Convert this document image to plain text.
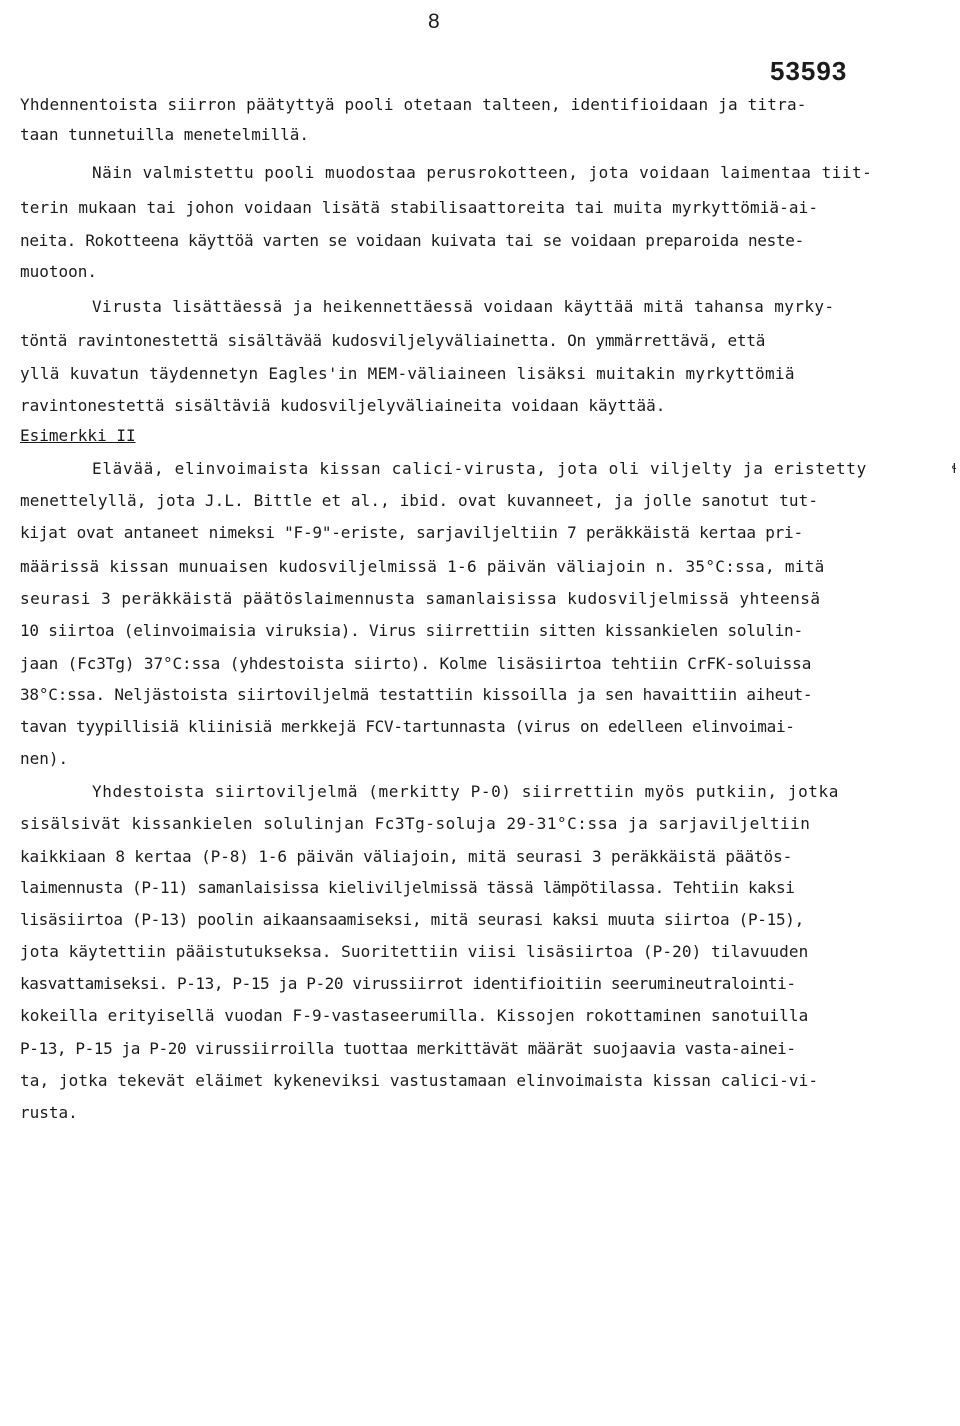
8
53593
Yhdennentoista siirron päätyttyä pooli otetaan talteen, identifioidaan ja titra-
taan tunnetuilla menetelmillä.
Näin valmistettu pooli muodostaa perusrokotteen, jota voidaan laimentaa tiit-
terin mukaan tai johon voidaan lisätä stabilisaattoreita tai muita myrkyttömiä-ai-
neita. Rokotteena käyttöä varten se voidaan kuivata tai se voidaan preparoida neste-
muotoon.
Virusta lisättäessä ja heikennettäessä voidaan käyttää mitä tahansa myrky-
töntä ravintonestettä sisältävää kudosviljelyväliainetta. On ymmärrettävä, että
yllä kuvatun täydennetyn Eagles'in MEM-väliaineen lisäksi muitakin myrkyttömiä
ravintonestettä sisältäviä kudosviljelyväliaineita voidaan käyttää.
Esimerkki II
Elävää, elinvoimaista kissan calici-virusta, jota oli viljelty ja eristetty
menettelyllä, jota J.L. Bittle et al., ibid. ovat kuvanneet, ja jolle sanotut tut-
kijat ovat antaneet nimeksi "F-9"-eriste, sarjaviljeltiin 7 peräkkäistä kertaa pri-
määrissä kissan munuaisen kudosviljelmissä 1-6 päivän väliajoin n. 35°C:ssa, mitä
seurasi 3 peräkkäistä päätöslaimennusta samanlaisissa kudosviljelmissä yhteensä
10 siirtoa (elinvoimaisia viruksia). Virus siirrettiin sitten kissankielen solulin-
jaan (Fc3Tg) 37°C:ssa (yhdestoista siirto). Kolme lisäsiirtoa tehtiin CrFK-soluissa
38°C:ssa. Neljästoista siirtoviljelmä testattiin kissoilla ja sen havaittiin aiheut-
tavan tyypillisiä kliinisiä merkkejä FCV-tartunnasta (virus on edelleen elinvoimai-
nen).
Yhdestoista siirtoviljelmä (merkitty P-0) siirrettiin myös putkiin, jotka
sisälsivät kissankielen solulinjan Fc3Tg-soluja 29-31°C:ssa ja sarjaviljeltiin
kaikkiaan 8 kertaa (P-8) 1-6 päivän väliajoin, mitä seurasi 3 peräkkäistä päätös-
laimennusta (P-11) samanlaisissa kieliviljelmissä tässä lämpötilassa. Tehtiin kaksi
lisäsiirtoa (P-13) poolin aikaansaamiseksi, mitä seurasi kaksi muuta siirtoa (P-15),
jota käytettiin pääistutukseksa. Suoritettiin viisi lisäsiirtoa (P-20) tilavuuden
kasvattamiseksi. P-13, P-15 ja P-20 virussiirrot identifioitiin seerumineutralointi-
kokeilla erityisellä vuodan F-9-vastaseerumilla. Kissojen rokottaminen sanotuilla
P-13, P-15 ja P-20 virussiirroilla tuottaa merkittävät määrät suojaavia vasta-ainei-
ta, jotka tekevät eläimet kykeneviksi vastustamaan elinvoimaista kissan calici-vi-
rusta.
ɬ
